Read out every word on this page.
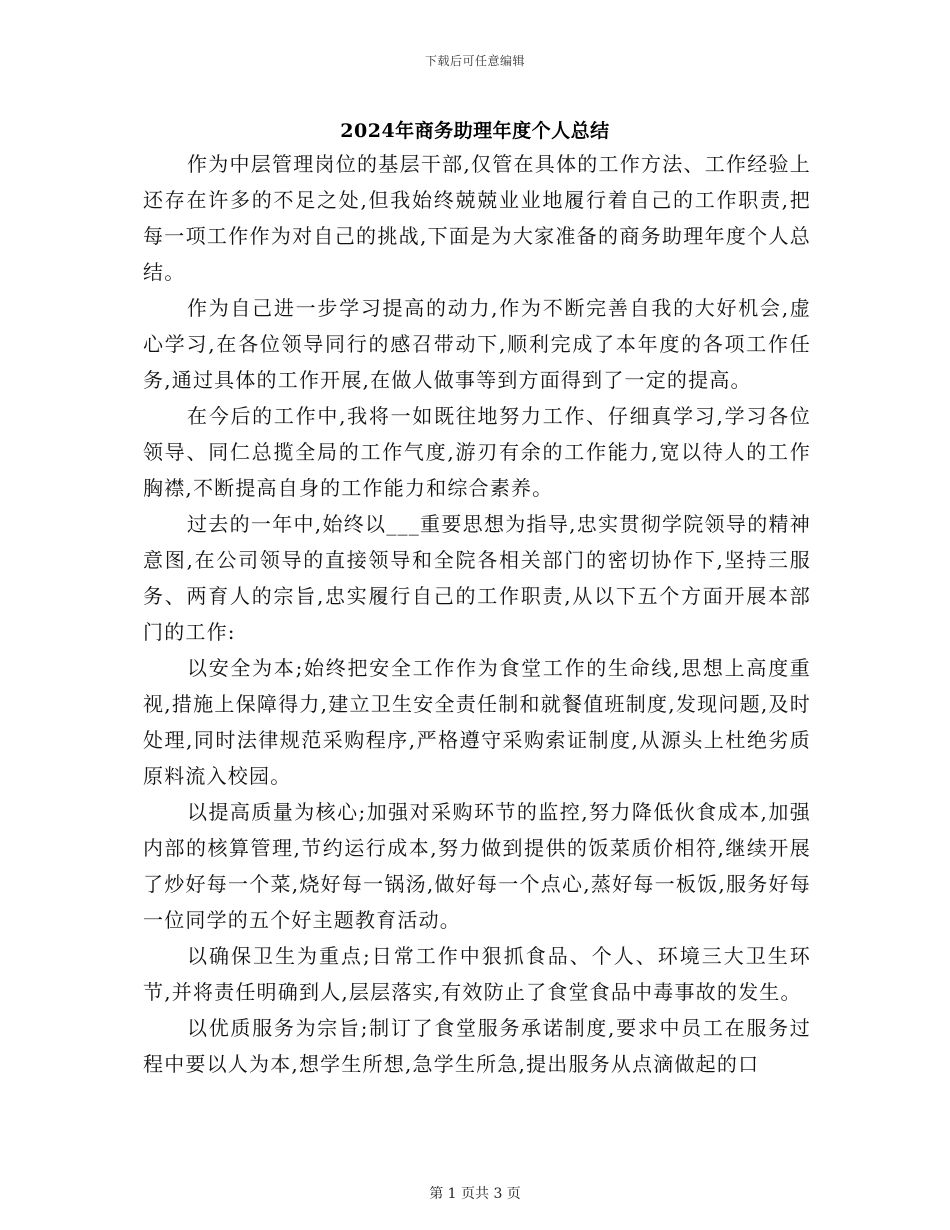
下载后可任意编辑
2024年商务助理年度个人总结

作为中层管理岗位的基层干部,仅管在具体的工作方法、工作经验上还存在许多的不足之处,但我始终兢兢业业地履行着自己的工作职责,把每一项工作作为对自己的挑战,下面是为大家准备的商务助理年度个人总结。

作为自己进一步学习提高的动力,作为不断完善自我的大好机会,虚心学习,在各位领导同行的感召带动下,顺利完成了本年度的各项工作任务,通过具体的工作开展,在做人做事等到方面得到了一定的提高。

在今后的工作中,我将一如既往地努力工作、仔细真学习,学习各位领导、同仁总揽全局的工作气度,游刃有余的工作能力,宽以待人的工作胸襟,不断提高自身的工作能力和综合素养。

过去的一年中,始终以___重要思想为指导,忠实贯彻学院领导的精神意图,在公司领导的直接领导和全院各相关部门的密切协作下,坚持三服务、两育人的宗旨,忠实履行自己的工作职责,从以下五个方面开展本部门的工作:

以安全为本;始终把安全工作作为食堂工作的生命线,思想上高度重视,措施上保障得力,建立卫生安全责任制和就餐值班制度,发现问题,及时处理,同时法律规范采购程序,严格遵守采购索证制度,从源头上杜绝劣质原料流入校园。

以提高质量为核心;加强对采购环节的监控,努力降低伙食成本,加强内部的核算管理,节约运行成本,努力做到提供的饭菜质价相符,继续开展了炒好每一个菜,烧好每一锅汤,做好每一个点心,蒸好每一板饭,服务好每一位同学的五个好主题教育活动。

以确保卫生为重点;日常工作中狠抓食品、个人、环境三大卫生环节,并将责任明确到人,层层落实,有效防止了食堂食品中毒事故的发生。

以优质服务为宗旨;制订了食堂服务承诺制度,要求中员工在服务过程中要以人为本,想学生所想,急学生所急,提出服务从点滴做起的口

第 1 页共 3 页
